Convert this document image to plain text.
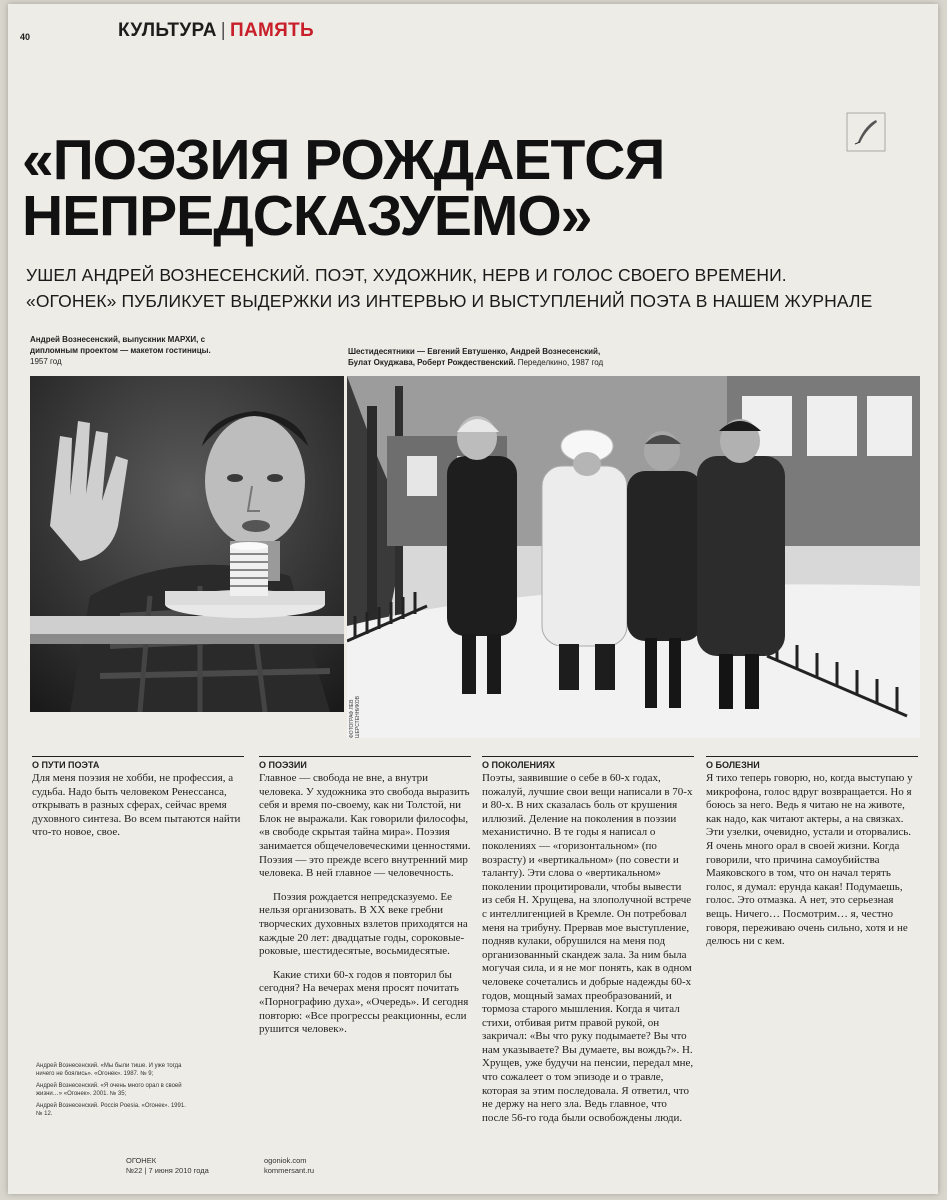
40	КУЛЬТУРА | ПАМЯТЬ
«ПОЭЗИЯ РОЖДАЕТСЯ
НЕПРЕДСКАЗУЕМО»
УШЕЛ АНДРЕЙ ВОЗНЕСЕНСКИЙ. ПОЭТ, ХУДОЖНИК, НЕРВ И ГОЛОС СВОЕГО ВРЕМЕНИ.
«ОГОНЕК» ПУБЛИКУЕТ ВЫДЕРЖКИ ИЗ ИНТЕРВЬЮ И ВЫСТУПЛЕНИЙ ПОЭТА В НАШЕМ ЖУРНАЛЕ
Андрей Вознесенский, выпускник МАРХИ, с дипломным проектом — макетом гостиницы. 1957 год
Шестидесятники — Евгений Евтушенко, Андрей Вознесенский, Булат Окуджава, Роберт Рождественский. Переделкино, 1987 год
ФОТОГРАФ ЛЕВ ШЕРСТЕННИКОВ
О ПУТИ ПОЭТА

Для меня поэзия не хобби, не профессия, а судьба. Надо быть человеком Ренессанса, открывать в разных сферах, сейчас время духовного синтеза. Во всем пытаются найти что-то новое, свое.

О ПОЭЗИИ

Главное — свобода не вне, а внутри человека. У художника это свобода выразить себя и время по-своему, как ни Толстой, ни Блок не выражали. Как говорили философы, «в свободе скрытая тайна мира». Поэзия занимается общечеловеческими ценностями. Поэзия — это прежде всего внутренний мир человека. В ней главное — человечность.

Поэзия рождается непредсказуемо. Ее нельзя организовать. В XX веке гребни творческих духовных взлетов приходятся на каждые 20 лет: двадцатые годы, сороковые-роковые, шестидесятые, восьмидесятые.

Какие стихи 60-х годов я повторил бы сегодня? На вечерах меня просят почитать «Порнографию духа», «Очередь». И сегодня повторю: «Все прогрессы реакционны, если рушится человек».

О ПОКОЛЕНИЯХ

Поэты, заявившие о себе в 60-х годах, пожалуй, лучшие свои вещи написали в 70-х и 80-х. В них сказалась боль от крушения иллюзий. Деление на поколения в поэзии механистично. В те годы я написал о поколениях — «горизонтальном» (по возрасту) и «вертикальном» (по совести и таланту). Эти слова о «вертикальном» поколении процитировали, чтобы вывести из себя Н. Хрущева, на злополучной встрече с интеллигенцией в Кремле. Он потребовал меня на трибуну. Прервав мое выступление, подняв кулаки, обрушился на меня под организованный скандеж зала. За ним была могучая сила, и я не мог понять, как в одном человеке сочетались и добрые надежды 60-х годов, мощный замах преобразований, и тормоза старого мышления. Когда я читал стихи, отбивая ритм правой рукой, он закричал: «Вы что руку подымаете? Вы что нам указываете? Вы думаете, вы вождь?». Н. Хрущев, уже будучи на пенсии, передал мне, что сожалеет о том эпизоде и о травле, которая за этим последовала. Я ответил, что не держу на него зла. Ведь главное, что после 56-го года были освобождены люди.

О БОЛЕЗНИ

Я тихо теперь говорю, но, когда выступаю у микрофона, голос вдруг возвращается. Но я боюсь за него. Ведь я читаю не на животе, как надо, как читают актеры, а на связках. Эти узелки, очевидно, устали и оторвались. Я очень много орал в своей жизни. Когда говорили, что причина самоубийства Маяковского в том, что он начал терять голос, я думал: ерунда какая! Подумаешь, голос. Это отмазка. А нет, это серьезная вещь. Ничего… Посмотрим… я, честно говоря, переживаю очень сильно, хотя и не делюсь ни с кем.

Андрей Вознесенский. «Мы были тише. И уже тогда ничего не боялись». «Огонек». 1987. № 9;
Андрей Вознесенский. «Я очень много орал в своей жизни…» «Огонек». 2001. № 35;
Андрей Вознесенский. Россія Poesia. «Огонек». 1991. № 12.
ОГОНЕК
№22 | 7 июня 2010 года
ogoniok.com
kommersant.ru
